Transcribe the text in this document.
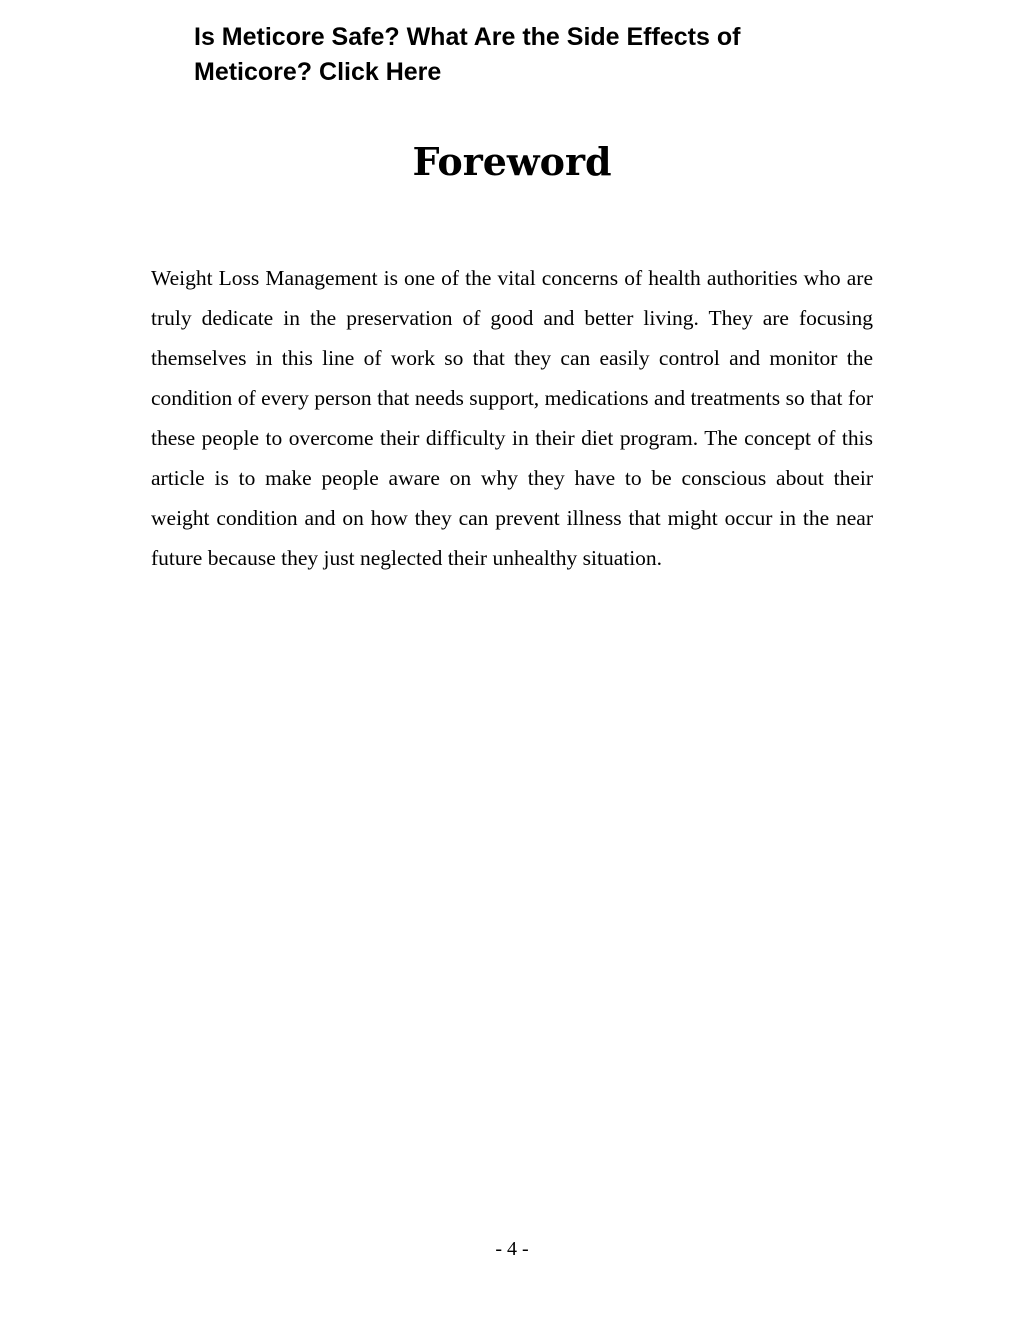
Is Meticore Safe? What Are the Side Effects of Meticore? Click Here
Foreword

Weight Loss Management is one of the vital concerns of health authorities who are truly dedicate in the preservation of good and better living. They are focusing themselves in this line of work so that they can easily control and monitor the condition of every person that needs support, medications and treatments so that for these people to overcome their difficulty in their diet program. The concept of this article is to make people aware on why they have to be conscious about their weight condition and on how they can prevent illness that might occur in the near future because they just neglected their unhealthy situation.

- 4 -
